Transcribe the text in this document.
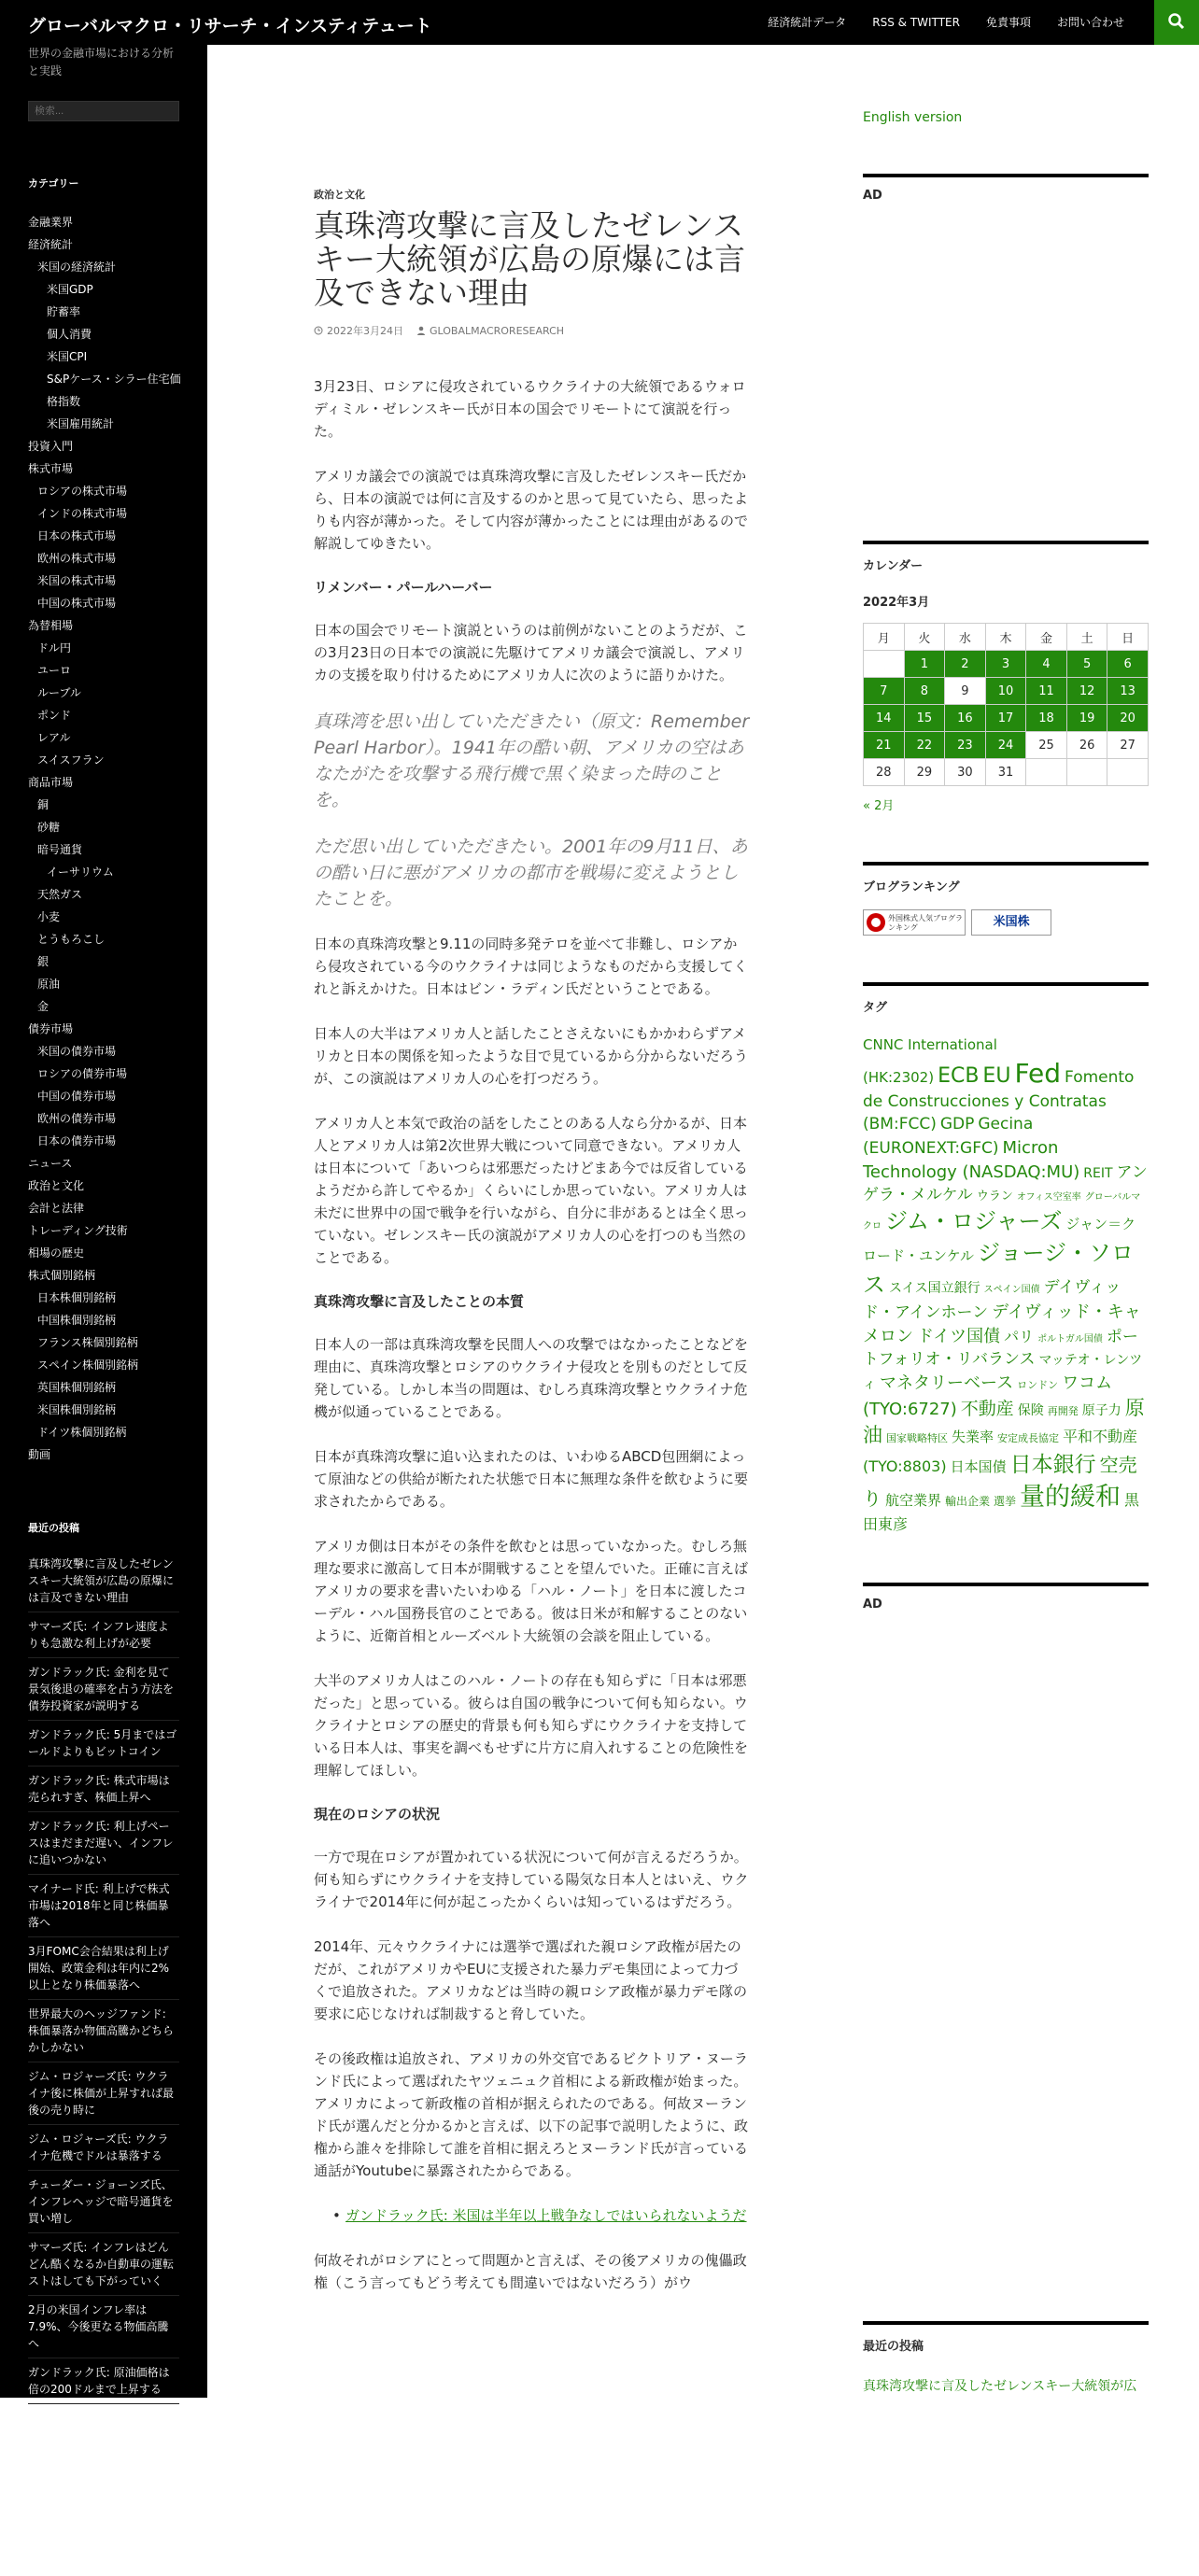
グローバルマクロ・リサーチ・インスティテュート	経済統計データ RSS & TWITTER 免責事項 お問い合わせ
世界の金融市場における分析と実践
検索...
カテゴリー
金融業界
経済統計
米国の経済統計
米国GDP
貯蓄率
個人消費
米国CPI
S&Pケース・シラー住宅価
格指数
米国雇用統計
投資入門
株式市場
ロシアの株式市場
インドの株式市場
日本の株式市場
欧州の株式市場
米国の株式市場
中国の株式市場
為替相場
ドル円
ユーロ
ルーブル
ポンド
レアル
スイスフラン
商品市場
銅
砂糖
暗号通貨
イーサリウム
天然ガス
小麦
とうもろこし
銀
原油
金
債券市場
米国の債券市場
ロシアの債券市場
中国の債券市場
欧州の債券市場
日本の債券市場
ニュース
政治と文化
会計と法律
トレーディング技術
相場の歴史
株式個別銘柄
日本株個別銘柄
中国株個別銘柄
フランス株個別銘柄
スペイン株個別銘柄
英国株個別銘柄
米国株個別銘柄
ドイツ株個別銘柄
動画
最近の投稿
真珠湾攻撃に言及したゼレンスキー大統領が広島の原爆には言及できない理由
サマーズ氏: インフレ速度よりも急激な利上げが必要
ガンドラック氏: 金利を見て景気後退の確率を占う方法を債券投資家が説明する
ガンドラック氏: 5月まではゴールドよりもビットコイン
ガンドラック氏: 株式市場は売られすぎ、株価上昇へ
ガンドラック氏: 利上げペースはまだまだ遅い、インフレに追いつかない
マイナード氏: 利上げで株式市場は2018年と同じ株価暴落へ
3月FOMC会合結果は利上げ開始、政策金利は年内に2%以上となり株価暴落へ
世界最大のヘッジファンド: 株価暴落か物価高騰かどちらかしかない
ジム・ロジャーズ氏: ウクライナ後に株価が上昇すれば最後の売り時に
ジム・ロジャーズ氏: ウクライナ危機でドルは暴落する
チューダー・ジョーンズ氏、インフレヘッジで暗号通貨を買い増し
サマーズ氏: インフレはどんどん酷くなるか自動車の運転ストはしても下がっていく
2月の米国インフレ率は7.9%、今後更なる物価高騰へ
ガンドラック氏: 原油価格は倍の200ドルまで上昇する
アーカイブ
2022年3月
2022年2月
2022年1月
2021年12月
政治と文化
真珠湾攻撃に言及したゼレンスキー大統領が広島の原爆には言及できない理由
2022年3月24日	GLOBALMACRORESEARCH
3月23日、ロシアに侵攻されているウクライナの大統領であるウォロディミル・ゼレンスキー氏が日本の国会でリモートにて演説を行った。
アメリカ議会での演説では真珠湾攻撃に言及したゼレンスキー氏だから、日本の演説では何に言及するのかと思って見ていたら、思ったよりも内容が薄かった。そして内容が薄かったことには理由があるので解説してゆきたい。
リメンバー・パールハーバー
日本の国会でリモート演説というのは前例がないことのようだが、この3月23日の日本での演説に先駆けてアメリカ議会で演説し、アメリカの支援を取り付けるためにアメリカ人に次のように語りかけた。
真珠湾を思い出していただきたい（原文：Remember Pearl Harbor）。1941年の酷い朝、アメリカの空はあなたがたを攻撃する飛行機で黒く染まった時のことを。
ただ思い出していただきたい。2001年の9月11日、あの酷い日に悪がアメリカの都市を戦場に変えようとしたことを。
日本の真珠湾攻撃と9.11の同時多発テロを並べて非難し、ロシアから侵攻されている今のウクライナは同じようなものだから支援してくれと訴えかけた。日本はビン・ラディン氏だということである。
日本人の大半はアメリカ人と話したことさえないにもかかわらずアメリカと日本の関係を知ったような目で見ているから分からないだろうが、この演説はアメリカ人の心を打つだろう。
アメリカ人と本気で政治の話をしたことのある人なら分かるが、日本人とアメリカ人は第2次世界大戦について同意できない。アメリカ人は日本について「あいつらは邪悪だったけどまあ今では反省しているようだから許してやるか」くらいにしか思っていない。アメリカ人は未だに世界中の国で戦争を行いながら、自分に非があるとは全く思っていない。ゼレンスキー氏の演説がアメリカ人の心を打つのも当然のことである。
真珠湾攻撃に言及したことの本質
日本人の一部は真珠湾攻撃を民間人への攻撃ではなかったことなどを理由に、真珠湾攻撃とロシアのウクライナ侵攻とを別ものだとして反発している。しかし本当の問題は、むしろ真珠湾攻撃とウクライナ危機が似通っていることである。
日本が真珠湾攻撃に追い込まれたのは、いわゆるABCD包囲網によって原油などの供給が断たれた状態で日本に無理な条件を飲むように要求されたからである。
アメリカ側は日本がその条件を飲むとは思っていなかった。むしろ無理な要求に激高して日本が開戦することを望んでいた。正確に言えばアメリカの要求を書いたいわゆる「ハル・ノート」を日本に渡したコーデル・ハル国務長官のことである。彼は日米が和解することのないように、近衛首相とルーズベルト大統領の会談を阻止している。
大半のアメリカ人はこのハル・ノートの存在も知らずに「日本は邪悪だった」と思っている。彼らは自国の戦争について何も知らない。ウクライナとロシアの歴史的背景も何も知らずにウクライナを支持している日本人は、事実を調べもせずに片方に肩入れすることの危険性を理解してほしい。
現在のロシアの状況
一方で現在ロシアが置かれている状況について何が言えるだろうか。何も知らずにウクライナを支持している陽気な日本人とはいえ、ウクライナで2014年に何が起こったかくらいは知っているはずだろう。
2014年、元々ウクライナには選挙で選ばれた親ロシア政権が居たのだが、これがアメリカやEUに支援された暴力デモ集団によって力づくで追放された。アメリカなどは当時の親ロシア政権が暴力デモ隊の要求に応じなければ制裁すると脅していた。
その後政権は追放され、アメリカの外交官であるビクトリア・ヌーランド氏によって選ばれたヤツェニュク首相による新政権が始まった。アメリカによって新政権の首相が据えられたのである。何故ヌーランド氏が選んだと分かるかと言えば、以下の記事で説明したように、政権から誰々を排除して誰を首相に据えろとヌーランド氏が言っている通話がYoutubeに暴露されたからである。
• ガンドラック氏: 米国は半年以上戦争なしではいられないようだ
何故それがロシアにとって問題かと言えば、その後アメリカの傀儡政権（こう言ってもどう考えても間違いではないだろう）がウ
English version
AD
カレンダー
2022年3月
月	火	水	木	金	土	日
	1	2	3	4	5	6
7	8	9	10	11	12	13
14	15	16	17	18	19	20
21	22	23	24	25	26	27
28	29	30	31			
« 2月
ブログランキング
外国株式人気ブログランキング	米国株
タグ
CNNC International (HK:2302) ECB EU Fed Fomento de Construcciones y Contratas (BM:FCC) GDP Gecina (EURONEXT:GFC) Micron Technology (NASDAQ:MU) REIT アンゲラ・メルケル ウラン オフィス空室率 グローバルマクロ ジム・ロジャーズ ジャン＝クロード・ユンケル ジョージ・ソロス スイス国立銀行 スペイン国債 デイヴィッド・アインホーン デイヴィッド・キャメロン ドイツ国債 パリ ポルトガル国債 ポートフォリオ・リバランス マッテオ・レンツィ マネタリーベース ロンドン ワコム (TYO:6727) 不動産 保険 再開発 原子力 原油 国家戦略特区 失業率 安定成長協定 平和不動産 (TYO:8803) 日本国債 日本銀行 空売り 航空業界 輸出企業 選挙 量的緩和 黒田東彦
AD
最近の投稿
真珠湾攻撃に言及したゼレンスキー大統領が広
